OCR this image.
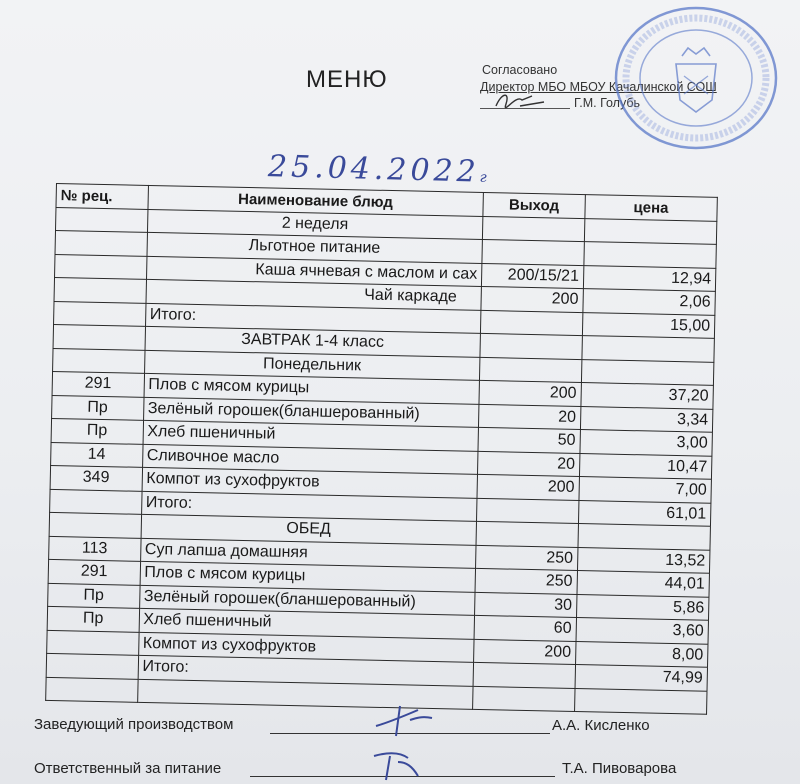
МЕНЮ	Согласовано
Директор МБО МБОУ Качалинской СОШ
Г.М. Голубь
25.04.2022г
№ рец.	Наименование блюд	Выход	цена
	2 неделя		
	Льготное питание		
	Каша ячневая с маслом и сах	200/15/21	12,94
	Чай каркаде	200	2,06
	Итого:		15,00
	ЗАВТРАК 1-4 класс		
	Понедельник		
291	Плов с мясом курицы	200	37,20
Пр	Зелёный горошек(бланшерованный)	20	3,34
Пр	Хлеб пшеничный	50	3,00
14	Сливочное масло	20	10,47
349	Компот из сухофруктов	200	7,00
	Итого:		61,01
	ОБЕД		
113	Суп лапша домашняя	250	13,52
291	Плов с мясом курицы	250	44,01
Пр	Зелёный горошек(бланшерованный)	30	5,86
Пр	Хлеб пшеничный	60	3,60
	Компот из сухофруктов	200	8,00
	Итого:		74,99

Заведующий производством	А.А. Кисленко
Ответственный за питание	Т.А. Пивоварова
